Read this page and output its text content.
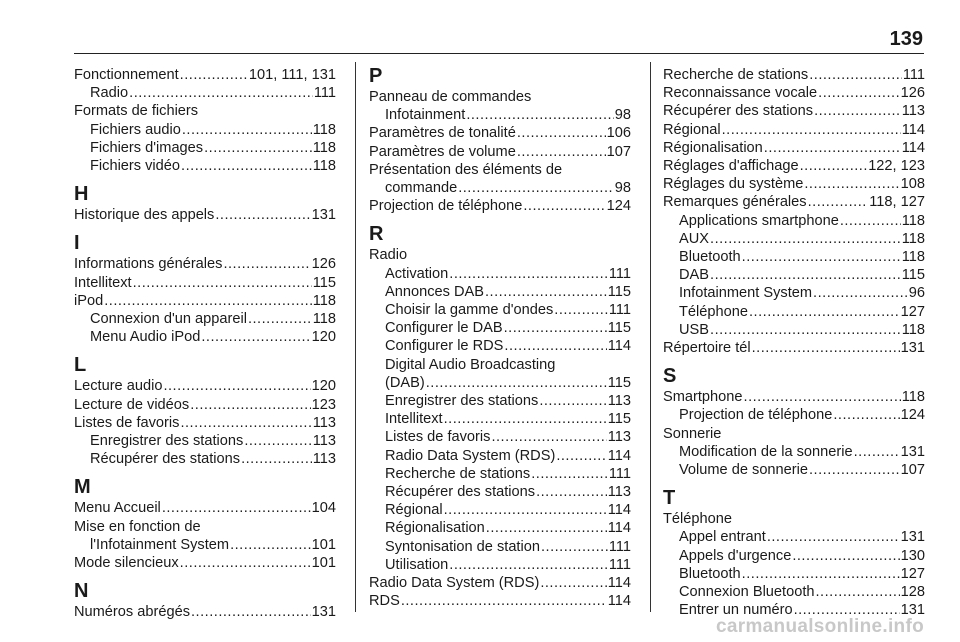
139
Fonctionnement .....	101, 111, 131
Radio .....	111
Formats de fichiers
Fichiers audio .....	118
Fichiers d'images .....	118
Fichiers vidéo .....	118
H
Historique des appels .....	131
I
Informations générales .....	126
Intellitext .....	115
iPod .....	118
Connexion d'un appareil .....	118
Menu Audio iPod .....	120
L
Lecture audio .....	120
Lecture de vidéos .....	123
Listes de favoris .....	113
Enregistrer des stations .....	113
Récupérer des stations .....	113
M
Menu Accueil .....	104
Mise en fonction de
l'Infotainment System .....	101
Mode silencieux .....	101
N
Numéros abrégés .....	131
P
Panneau de commandes
Infotainment .....	98
Paramètres de tonalité .....	106
Paramètres de volume .....	107
Présentation des éléments de
commande .....	98
Projection de téléphone .....	124
R
Radio
Activation .....	111
Annonces DAB .....	115
Choisir la gamme d'ondes .....	111
Configurer le DAB .....	115
Configurer le RDS .....	114
Digital Audio Broadcasting
(DAB) .....	115
Enregistrer des stations .....	113
Intellitext .....	115
Listes de favoris .....	113
Radio Data System (RDS) .....	114
Recherche de stations .....	111
Récupérer des stations .....	113
Régional .....	114
Régionalisation .....	114
Syntonisation de station .....	111
Utilisation .....	111
Radio Data System (RDS) .....	114
RDS .....	114
Recherche de stations .....	111
Reconnaissance vocale .....	126
Récupérer des stations .....	113
Régional .....	114
Régionalisation .....	114
Réglages d'affichage .....	122, 123
Réglages du système .....	108
Remarques générales .....	118, 127
Applications smartphone .....	118
AUX .....	118
Bluetooth .....	118
DAB .....	115
Infotainment System .....	96
Téléphone .....	127
USB .....	118
Répertoire tél .....	131
S
Smartphone .....	118
Projection de téléphone .....	124
Sonnerie
Modification de la sonnerie .....	131
Volume de sonnerie .....	107
T
Téléphone
Appel entrant .....	131
Appels d'urgence .....	130
Bluetooth .....	127
Connexion Bluetooth .....	128
Entrer un numéro .....	131
carmanualsonline.info
